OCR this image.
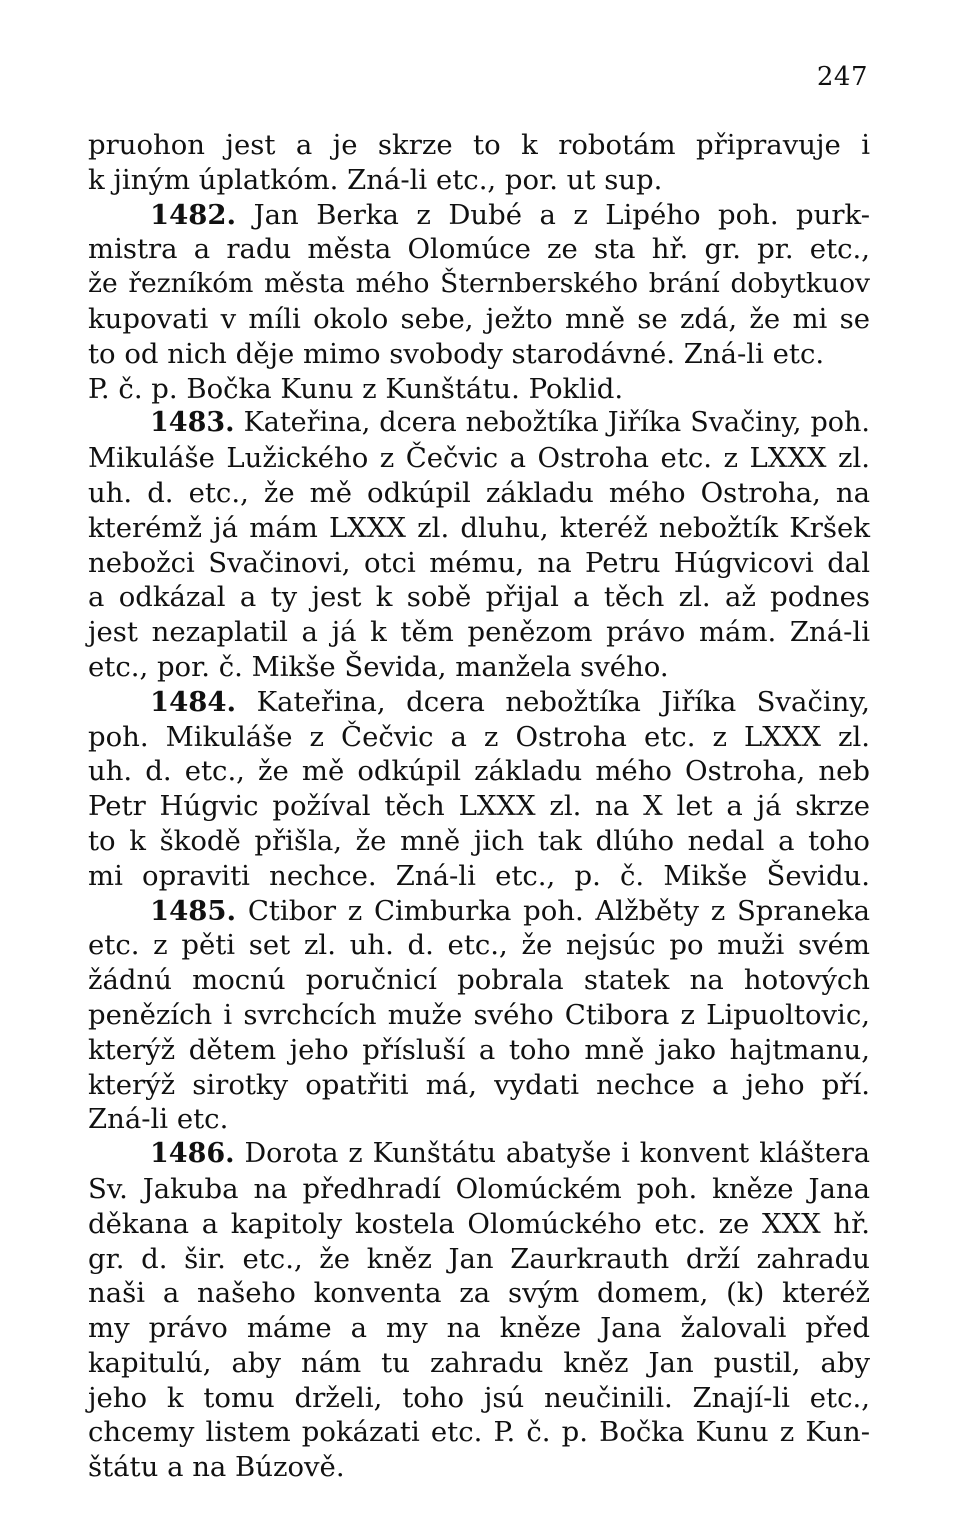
247
pruohon jest a je skrze to k robotám připravuje i
k jiným úplatkóm. Zná-li etc., por. ut sup.
1482. Jan Berka z Dubé a z Lipého poh. purk-
mistra a radu města Olomúce ze sta hř. gr. pr. etc.,
že řezníkóm města mého Šternberského brání dobytkuov
kupovati v míli okolo sebe, ježto mně se zdá, že mi se
to od nich děje mimo svobody starodávné. Zná-li etc.
P. č. p. Bočka Kunu z Kunštátu. Poklid.
1483. Kateřina, dcera nebožtíka Jiříka Svačiny, poh.
Mikuláše Lužického z Čečvic a Ostroha etc. z LXXX zl.
uh. d. etc., že mě odkúpil základu mého Ostroha, na
kterémž já mám LXXX zl. dluhu, kteréž nebožtík Kršek
nebožci Svačinovi, otci mému, na Petru Húgvicovi dal
a odkázal a ty jest k sobě přijal a těch zl. až podnes
jest nezaplatil a já k těm penězom právo mám. Zná-li
etc., por. č. Mikše Ševida, manžela svého.
1484. Kateřina, dcera nebožtíka Jiříka Svačiny,
poh. Mikuláše z Čečvic a z Ostroha etc. z LXXX zl.
uh. d. etc., že mě odkúpil základu mého Ostroha, neb
Petr Húgvic požíval těch LXXX zl. na X let a já skrze
to k škodě přišla, že mně jich tak dlúho nedal a toho
mi opraviti nechce. Zná-li etc., p. č. Mikše Ševidu.
1485. Ctibor z Cimburka poh. Alžběty z Spraneka
etc. z pěti set zl. uh. d. etc., že nejsúc po muži svém
žádnú mocnú poručnicí pobrala statek na hotových
penězích i svrchcích muže svého Ctibora z Lipuoltovic,
kterýž dětem jeho přísluší a toho mně jako hajtmanu,
kterýž sirotky opatřiti má, vydati nechce a jeho pří.
Zná-li etc.
1486. Dorota z Kunštátu abatyše i konvent kláštera
Sv. Jakuba na předhradí Olomúckém poh. kněze Jana
děkana a kapitoly kostela Olomúckého etc. ze XXX hř.
gr. d. šir. etc., že kněz Jan Zaurkrauth drží zahradu
naši a našeho konventa za svým domem, (k) kteréž
my právo máme a my na kněze Jana žalovali před
kapitulú, aby nám tu zahradu kněz Jan pustil, aby
jeho k tomu drželi, toho jsú neučinili. Znají-li etc.,
chcemy listem pokázati etc. P. č. p. Bočka Kunu z Kun-
štátu a na Búzově.
